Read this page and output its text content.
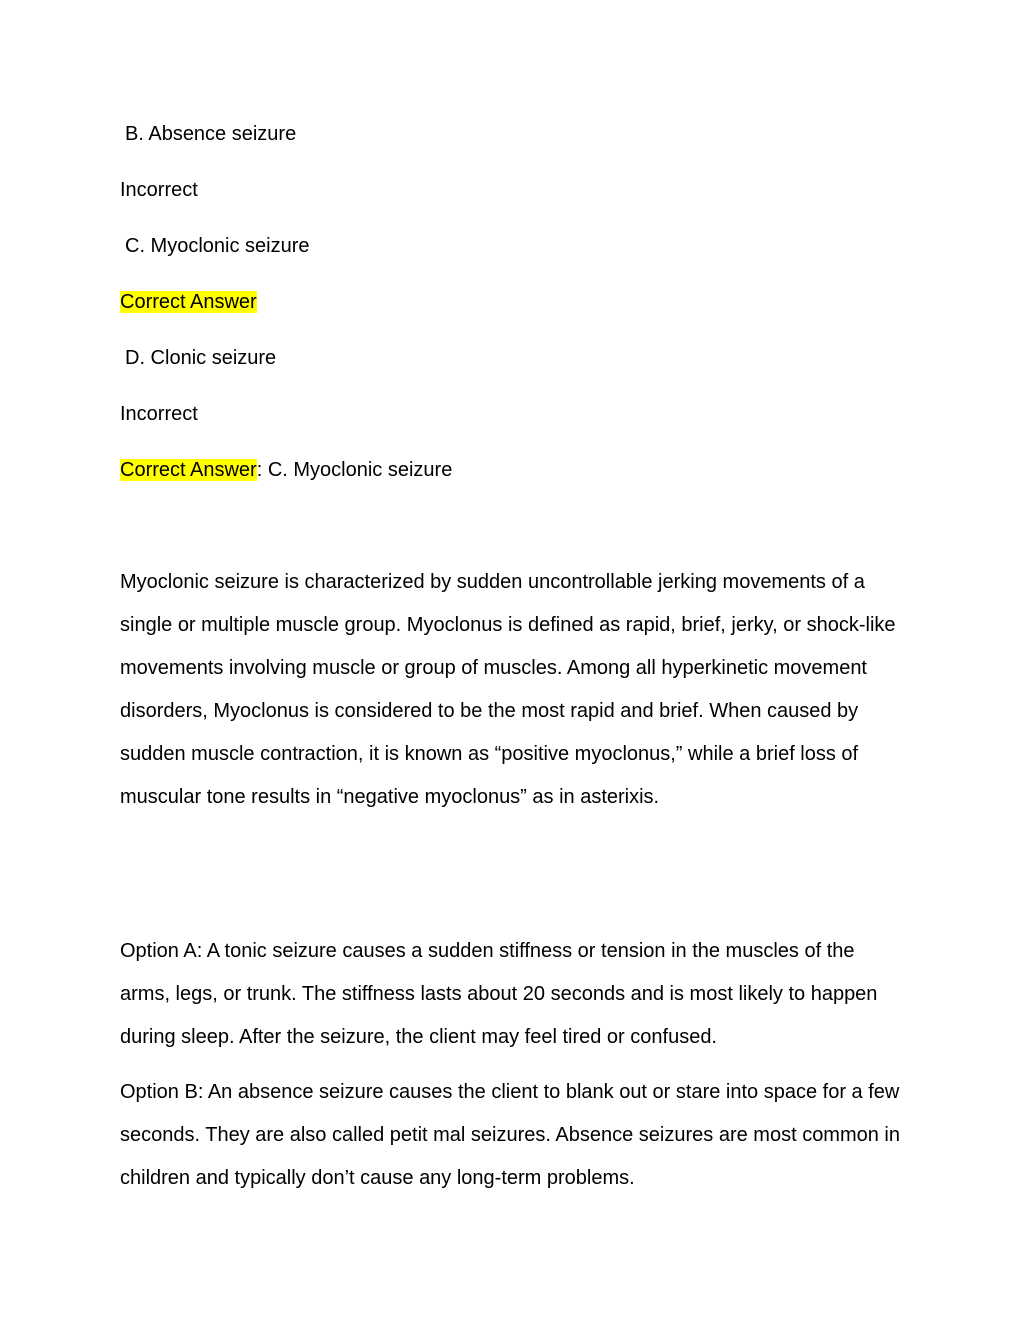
B. Absence seizure
Incorrect
C. Myoclonic seizure
Correct Answer
D. Clonic seizure
Incorrect
Correct Answer: C. Myoclonic seizure

Myoclonic seizure is characterized by sudden uncontrollable jerking movements of a single or multiple muscle group. Myoclonus is defined as rapid, brief, jerky, or shock-like movements involving muscle or group of muscles. Among all hyperkinetic movement disorders, Myoclonus is considered to be the most rapid and brief. When caused by sudden muscle contraction, it is known as “positive myoclonus,” while a brief loss of muscular tone results in “negative myoclonus” as in asterixis.

Option A: A tonic seizure causes a sudden stiffness or tension in the muscles of the arms, legs, or trunk. The stiffness lasts about 20 seconds and is most likely to happen during sleep. After the seizure, the client may feel tired or confused.

Option B: An absence seizure causes the client to blank out or stare into space for a few seconds. They are also called petit mal seizures. Absence seizures are most common in children and typically don’t cause any long-term problems.
